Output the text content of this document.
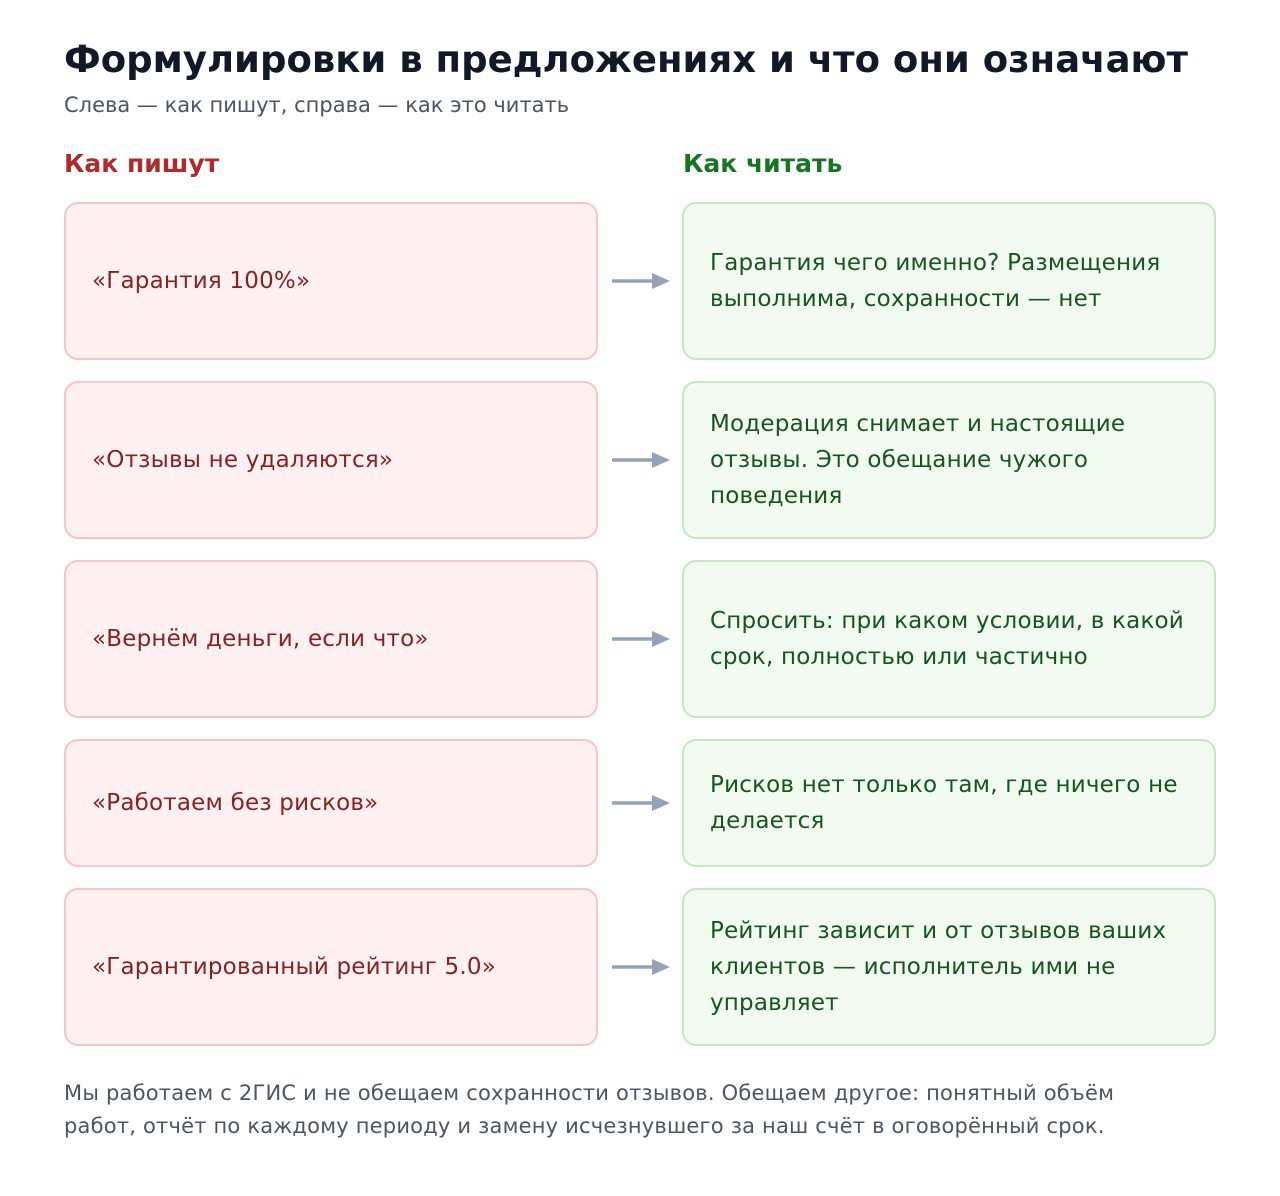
Формулировки в предложениях и что они означают
Слева — как пишут, справа — как это читать
Как пишут	Как читать
«Гарантия 100%»
Гарантия чего именно? Размещения выполнима, сохранности — нет
«Отзывы не удаляются»
Модерация снимает и настоящие отзывы. Это обещание чужого поведения
«Вернём деньги, если что»
Спросить: при каком условии, в какой срок, полностью или частично
«Работаем без рисков»
Рисков нет только там, где ничего не делается
«Гарантированный рейтинг 5.0»
Рейтинг зависит и от отзывов ваших клиентов — исполнитель ими не управляет
Мы работаем с 2ГИС и не обещаем сохранности отзывов. Обещаем другое: понятный объём работ, отчёт по каждому периоду и замену исчезнувшего за наш счёт в оговорённый срок.
